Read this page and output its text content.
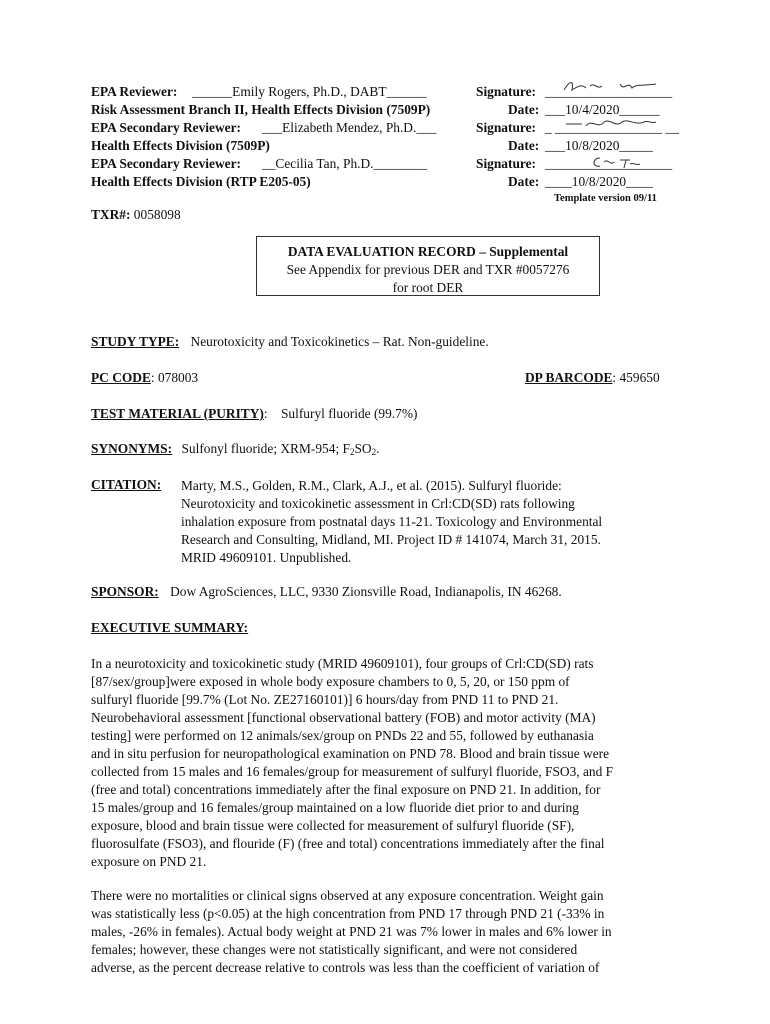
EPA Reviewer: ______Emily Rogers, Ph.D., DABT______	Signature: ___________________
Risk Assessment Branch II, Health Effects Division (7509P)	Date: ___10/4/2020______
EPA Secondary Reviewer: ___Elizabeth Mendez, Ph.D.___	Signature: _ ________________ __
Health Effects Division (7509P)	Date: ___10/8/2020_____
EPA Secondary Reviewer: __Cecilia Tan, Ph.D.________	Signature: ___________________
Health Effects Division (RTP E205-05)	Date: ____10/8/2020____
Template version 09/11
TXR#: 0058098
DATA EVALUATION RECORD – Supplemental
See Appendix for previous DER and TXR #0057276
for root DER
STUDY TYPE: Neurotoxicity and Toxicokinetics – Rat. Non-guideline.
PC CODE: 078003	DP BARCODE: 459650
TEST MATERIAL (PURITY): Sulfuryl fluoride (99.7%)
SYNONYMS: Sulfonyl fluoride; XRM-954; $F_2SO_2$.
CITATION: Marty, M.S., Golden, R.M., Clark, A.J., et al. (2015). Sulfuryl fluoride:
Neurotoxicity and toxicokinetic assessment in Crl:CD(SD) rats following
inhalation exposure from postnatal days 11-21. Toxicology and Environmental
Research and Consulting, Midland, MI. Project ID # 141074, March 31, 2015.
MRID 49609101. Unpublished.
SPONSOR: Dow AgroSciences, LLC, 9330 Zionsville Road, Indianapolis, IN 46268.
EXECUTIVE SUMMARY:

In a neurotoxicity and toxicokinetic study (MRID 49609101), four groups of Crl:CD(SD) rats

[87/sex/group]were exposed in whole body exposure chambers to 0, 5, 20, or 150 ppm of

sulfuryl fluoride [99.7% (Lot No. ZE27160101)] 6 hours/day from PND 11 to PND 21.

Neurobehavioral assessment [functional observational battery (FOB) and motor activity (MA)

testing] were performed on 12 animals/sex/group on PNDs 22 and 55, followed by euthanasia

and in situ perfusion for neuropathological examination on PND 78. Blood and brain tissue were

collected from 15 males and 16 females/group for measurement of sulfuryl fluoride, FSO3, and F

(free and total) concentrations immediately after the final exposure on PND 21. In addition, for

15 males/group and 16 females/group maintained on a low fluoride diet prior to and during

exposure, blood and brain tissue were collected for measurement of sulfuryl fluoride (SF),

fluorosulfate (FSO3), and flouride (F) (free and total) concentrations immediately after the final

exposure on PND 21.

There were no mortalities or clinical signs observed at any exposure concentration. Weight gain

was statistically less (p<0.05) at the high concentration from PND 17 through PND 21 (-33% in

males, -26% in females). Actual body weight at PND 21 was 7% lower in males and 6% lower in

females; however, these changes were not statistically significant, and were not considered

adverse, as the percent decrease relative to controls was less than the coefficient of variation of
